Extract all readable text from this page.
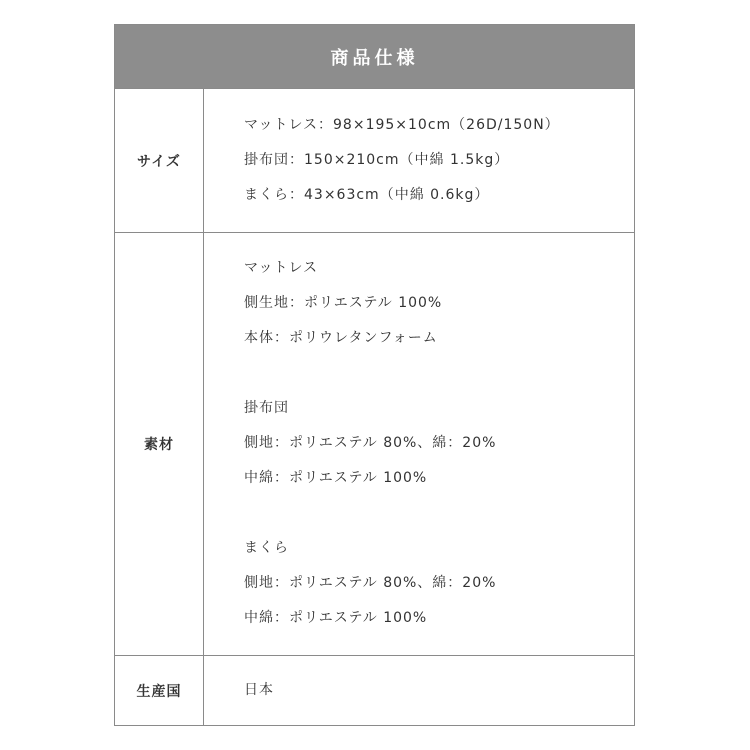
商品仕様
サイズ
マットレス：98×195×10cm（26D/150N）
掛布団：150×210cm（中綿 1.5kg）
まくら：43×63cm（中綿 0.6kg）
素材
マットレス
側生地：ポリエステル 100%
本体：ポリウレタンフォーム
掛布団
側地：ポリエステル 80%、綿：20%
中綿：ポリエステル 100%
まくら
側地：ポリエステル 80%、綿：20%
中綿：ポリエステル 100%
生産国	日本
